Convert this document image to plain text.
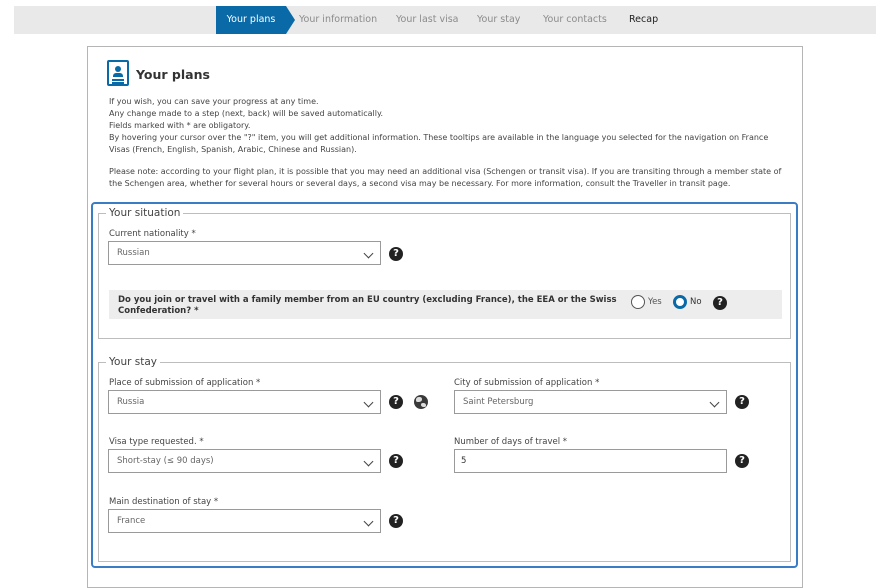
Your plans	Your information Your last visa Your stay Your contacts Recap
Your plans
If you wish, you can save your progress at any time.
Any change made to a step (next, back) will be saved automatically.
Fields marked with * are obligatory.
By hovering your cursor over the "?" item, you will get additional information. These tooltips are available in the language you selected for the navigation on France
Visas (French, English, Spanish, Arabic, Chinese and Russian).
Please note: according to your flight plan, it is possible that you may need an additional visa (Schengen or transit visa). If you are transiting through a member state of
the Schengen area, whether for several hours or several days, a second visa may be necessary. For more information, consult the Traveller in transit page.
Your situation
Current nationality *
Russian	?
Do you join or travel with a family member from an EU country (excluding France), the EEA or the Swiss
Confederation? *
Yes	No	?
Your stay
Place of submission of application *
Russia	?
City of submission of application *
Saint Petersburg	?
Visa type requested. *
Short-stay (≤ 90 days)	?
Number of days of travel *
5
?
Main destination of stay *
France	?
